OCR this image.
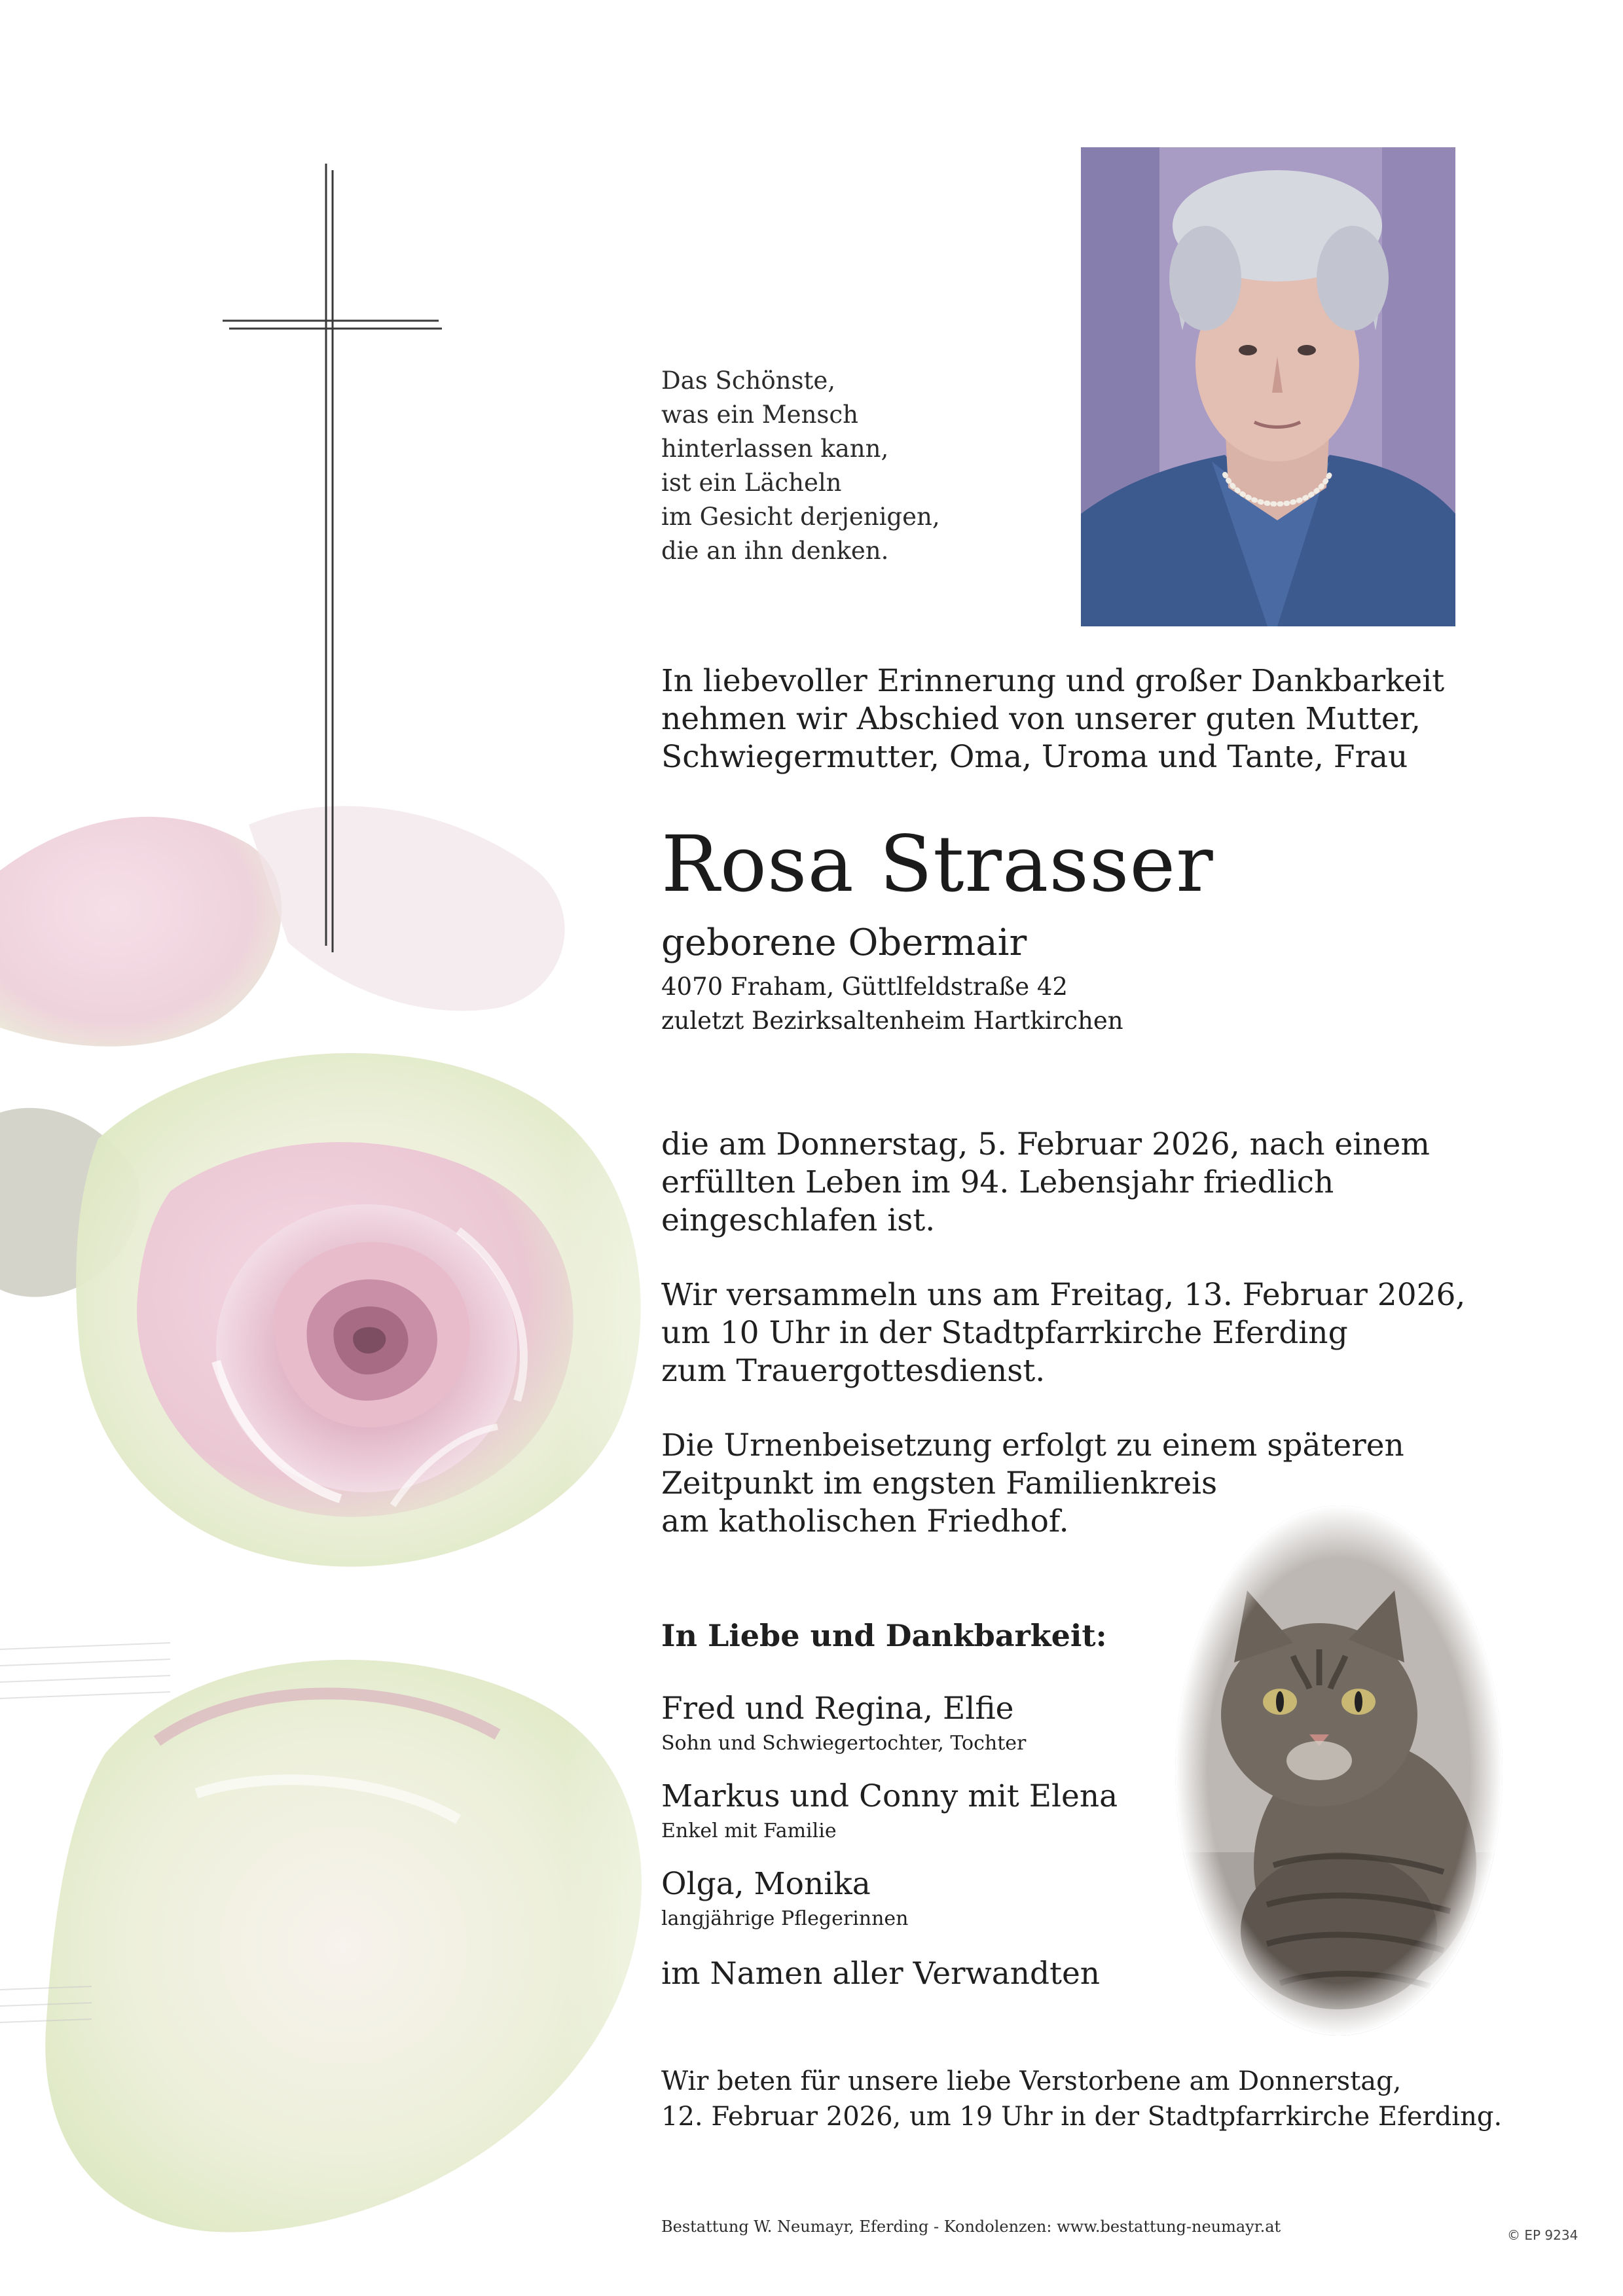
Das Schönste,
was ein Mensch
hinterlassen kann,
ist ein Lächeln
im Gesicht derjenigen,
die an ihn denken.
In liebevoller Erinnerung und großer Dankbarkeit
nehmen wir Abschied von unserer guten Mutter,
Schwiegermutter, Oma, Uroma und Tante, Frau
Rosa Strasser
geborene Obermair
4070 Fraham, Güttlfeldstraße 42
zuletzt Bezirksaltenheim Hartkirchen
die am Donnerstag, 5. Februar 2026, nach einem
erfüllten Leben im 94. Lebensjahr friedlich
eingeschlafen ist.
Wir versammeln uns am Freitag, 13. Februar 2026,
um 10 Uhr in der Stadtpfarrkirche Eferding
zum Trauergottesdienst.
Die Urnenbeisetzung erfolgt zu einem späteren
Zeitpunkt im engsten Familienkreis
am katholischen Friedhof.
In Liebe und Dankbarkeit:
Fred und Regina, Elfie
Sohn und Schwiegertochter, Tochter
Markus und Conny mit Elena
Enkel mit Familie
Olga, Monika
langjährige Pflegerinnen
im Namen aller Verwandten
Wir beten für unsere liebe Verstorbene am Donnerstag,
12. Februar 2026, um 19 Uhr in der Stadtpfarrkirche Eferding.
Bestattung W. Neumayr, Eferding - Kondolenzen: www.bestattung-neumayr.at	© EP 9234
